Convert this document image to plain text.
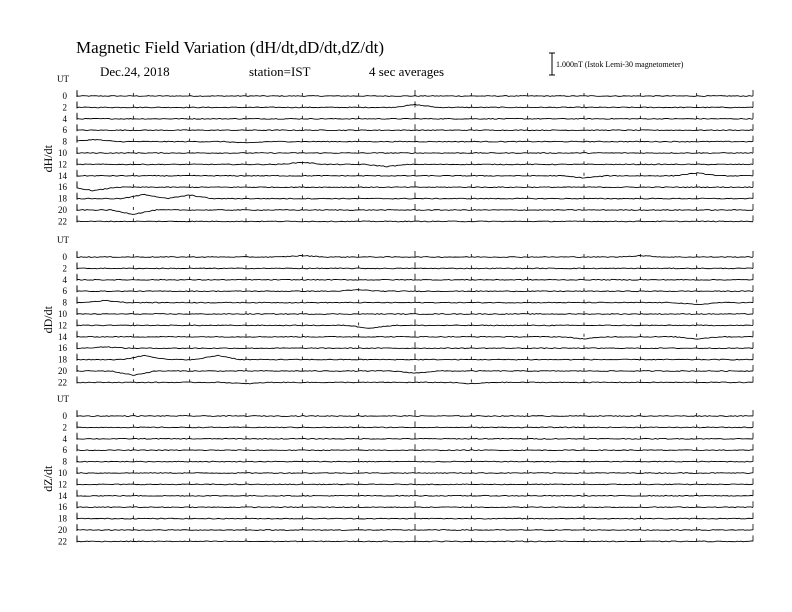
Magnetic Field Variation (dH/dt,dD/dt,dZ/dt)
Dec.24, 2018	station=IST	4 sec averages	1.000nT (Istok Lemi-30 magnetometer)
UT
dH/dt
0
2
4
6
8
10
12
14
16
18
20
22
UT
dD/dt
0
2
4
6
8
10
12
14
16
18
20
22
UT
dZ/dt
0
2
4
6
8
10
12
14
16
18
20
22
